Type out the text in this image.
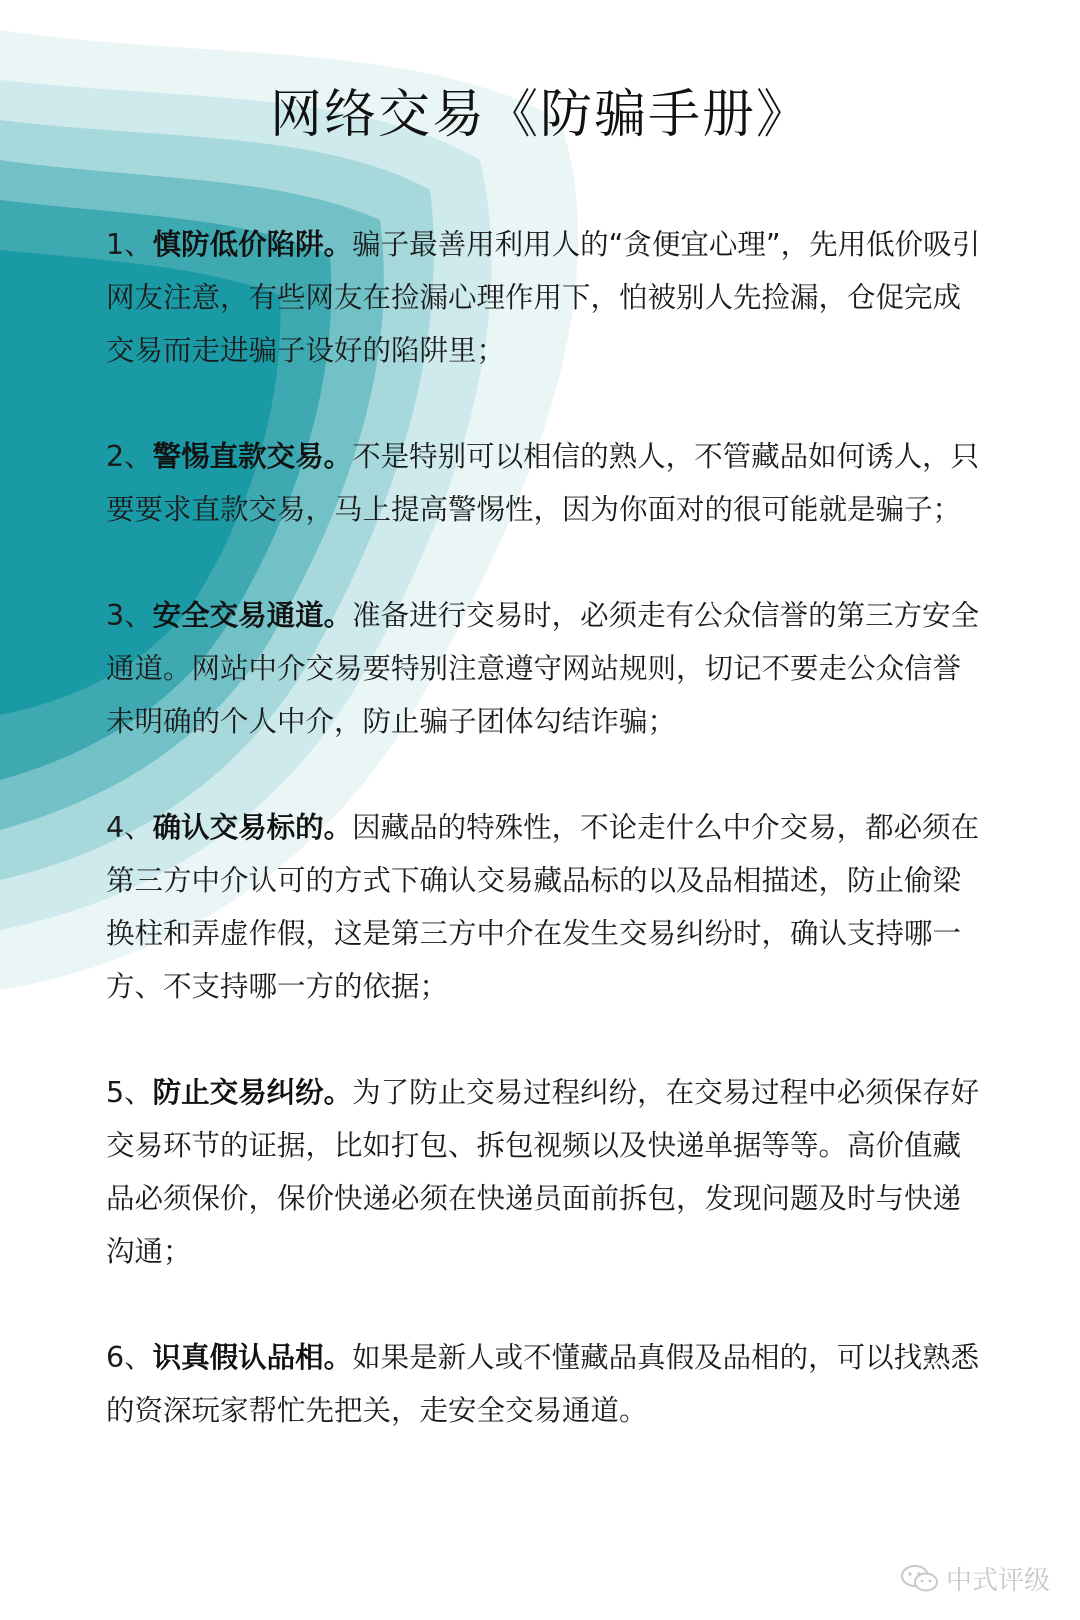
网络交易《防骗手册》

1、慎防低价陷阱。骗子最善用利用人的“贪便宜心理”，先用低价吸引网友注意，有些网友在捡漏心理作用下，怕被别人先捡漏，仓促完成交易而走进骗子设好的陷阱里；

2、警惕直款交易。不是特别可以相信的熟人，不管藏品如何诱人，只要要求直款交易，马上提高警惕性，因为你面对的很可能就是骗子；

3、安全交易通道。准备进行交易时，必须走有公众信誉的第三方安全通道。网站中介交易要特别注意遵守网站规则，切记不要走公众信誉未明确的个人中介，防止骗子团体勾结诈骗；

4、确认交易标的。因藏品的特殊性，不论走什么中介交易，都必须在第三方中介认可的方式下确认交易藏品标的以及品相描述，防止偷梁换柱和弄虚作假，这是第三方中介在发生交易纠纷时，确认支持哪一方、不支持哪一方的依据；

5、防止交易纠纷。为了防止交易过程纠纷，在交易过程中必须保存好交易环节的证据，比如打包、拆包视频以及快递单据等等。高价值藏品必须保价，保价快递必须在快递员面前拆包，发现问题及时与快递沟通；

6、识真假认品相。如果是新人或不懂藏品真假及品相的，可以找熟悉的资深玩家帮忙先把关，走安全交易通道。

中式评级
